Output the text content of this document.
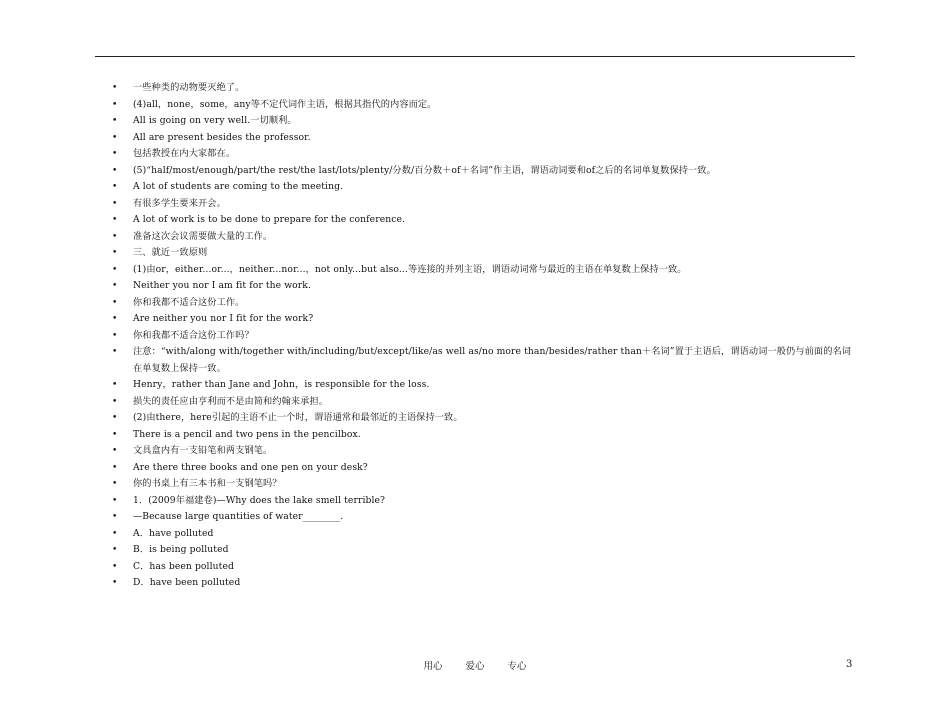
• 一些种类的动物要灭绝了。
• (4)all，none，some，any等不定代词作主语，根据其指代的内容而定。
• All is going on very well.一切顺利。
• All are present besides the professor.
• 包括教授在内大家都在。
• (5)“half/most/enough/part/the rest/the last/lots/plenty/分数/百分数＋of＋名词”作主语，谓语动词要和of之后的名词单复数保持一致。
• A lot of students are coming to the meeting.
• 有很多学生要来开会。
• A lot of work is to be done to prepare for the conference.
• 准备这次会议需要做大量的工作。
• 三、就近一致原则
• (1)由or，either...or...，neither...nor...，not only...but also...等连接的并列主语，谓语动词常与最近的主语在单复数上保持一致。
• Neither you nor I am fit for the work.
• 你和我都不适合这份工作。
• Are neither you nor I fit for the work?
• 你和我都不适合这份工作吗？
• 注意：“with/along with/together with/including/but/except/like/as well as/no more than/besides/rather than＋名词”置于主语后，谓语动词一般仍与前面的名词在单复数上保持一致。
• Henry，rather than Jane and John，is responsible for the loss.
• 损失的责任应由亨利而不是由简和约翰来承担。
• (2)由there，here引起的主语不止一个时，谓语通常和最邻近的主语保持一致。
• There is a pencil and two pens in the pencilbox.
• 文具盒内有一支铅笔和两支钢笔。
• Are there three books and one pen on your desk?
• 你的书桌上有三本书和一支钢笔吗？
• 1．(2009年福建卷)—Why does the lake smell terrible?
• —Because large quantities of water________.
• A．have polluted
• B．is being polluted
• C．has been polluted
• D．have been polluted
用心 爱心 专心	3
